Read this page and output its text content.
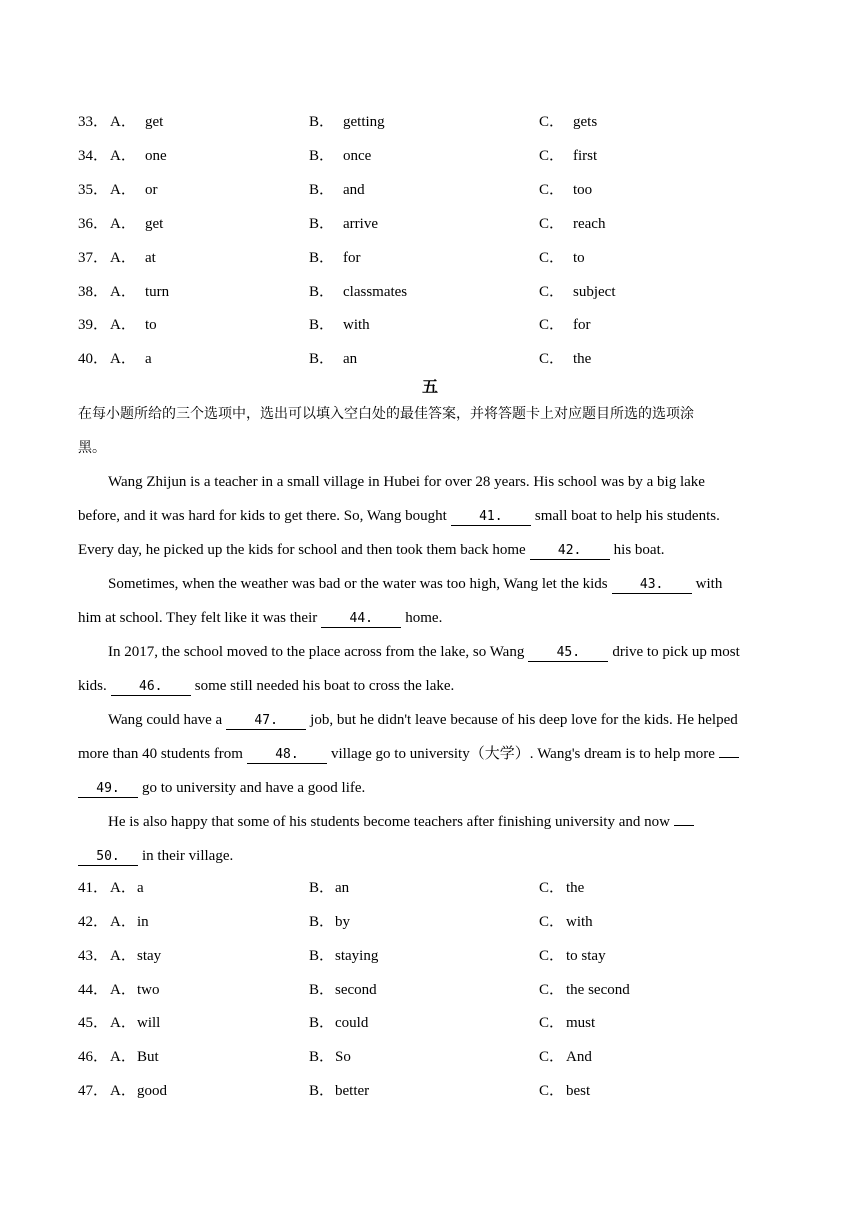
33． A． get	B． getting	C． gets
34． A． one	B． once	C． first
35． A． or	B． and	C． too
36． A． get	B． arrive	C． reach
37． A． at	B． for	C． to
38． A． turn	B． classmates	C． subject
39． A． to	B． with	C． for
40． A． a	B． an	C． the
五
在每小题所给的三个选项中，选出可以填入空白处的最佳答案，并将答题卡上对应题目所选的选项涂
黑。
Wang Zhijun is a teacher in a small village in Hubei for over 28 years. His school was by a big lake
before, and it was hard for kids to get there. So, Wang bought 41. small boat to help his students.
Every day, he picked up the kids for school and then took them back home 42. his boat.
Sometimes, when the weather was bad or the water was too high, Wang let the kids 43. with
him at school. They felt like it was their 44. home.
In 2017, the school moved to the place across from the lake, so Wang 45. drive to pick up most
kids. 46. some still needed his boat to cross the lake.
Wang could have a 47. job, but he didn't leave because of his deep love for the kids. He helped
more than 40 students from 48. village go to university（大学）. Wang's dream is to help more
49. go to university and have a good life.
He is also happy that some of his students become teachers after finishing university and now
50. in their village.
41． A． a	B． an	C． the
42． A． in	B． by	C． with
43． A． stay	B． staying	C． to stay
44． A． two	B． second	C． the second
45． A． will	B． could	C． must
46． A． But	B． So	C． And
47． A． good	B． better	C． best
